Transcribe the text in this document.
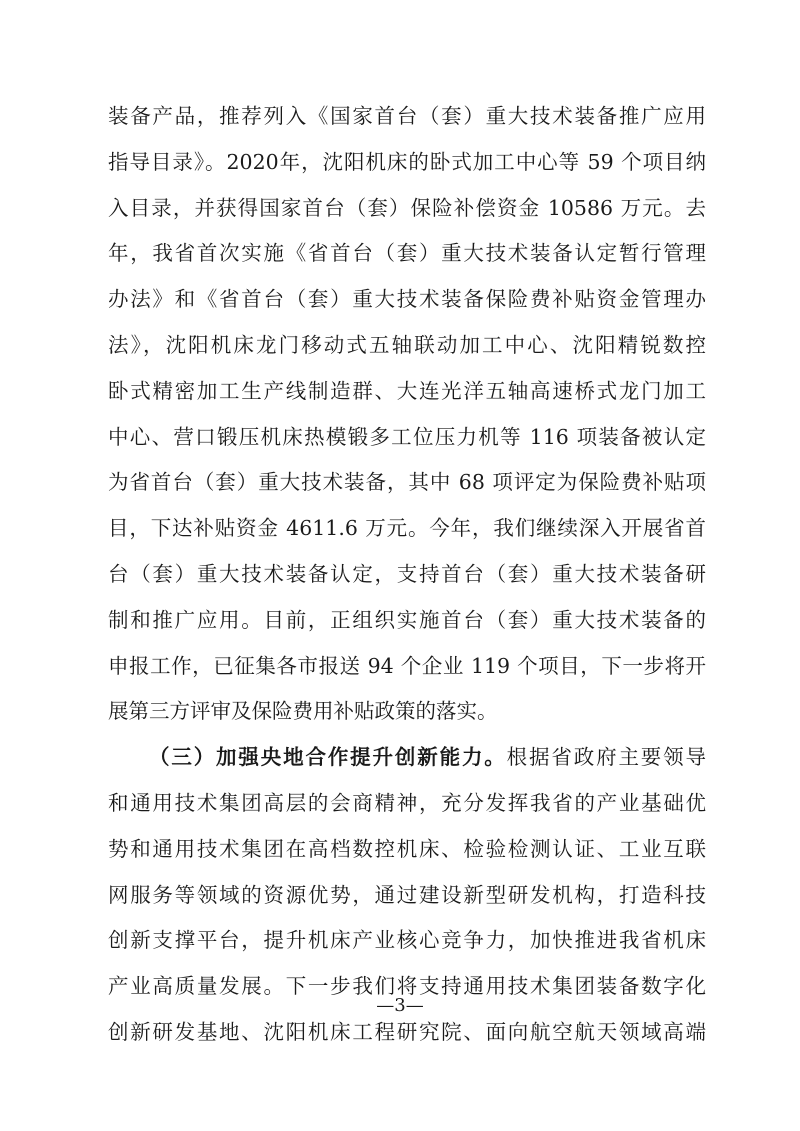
装备产品，推荐列入《国家首台（套）重大技术装备推广应用
指导目录》。2020年，沈阳机床的卧式加工中心等 59 个项目纳
入目录，并获得国家首台（套）保险补偿资金 10586 万元。去
年，我省首次实施《省首台（套）重大技术装备认定暂行管理
办法》和《省首台（套）重大技术装备保险费补贴资金管理办
法》，沈阳机床龙门移动式五轴联动加工中心、沈阳精锐数控
卧式精密加工生产线制造群、大连光洋五轴高速桥式龙门加工
中心、营口锻压机床热模锻多工位压力机等 116 项装备被认定
为省首台（套）重大技术装备，其中 68 项评定为保险费补贴项
目，下达补贴资金 4611.6 万元。今年，我们继续深入开展省首
台（套）重大技术装备认定，支持首台（套）重大技术装备研
制和推广应用。目前，正组织实施首台（套）重大技术装备的
申报工作，已征集各市报送 94 个企业 119 个项目，下一步将开
展第三方评审及保险费用补贴政策的落实。
（三）加强央地合作提升创新能力。根据省政府主要领导
和通用技术集团高层的会商精神，充分发挥我省的产业基础优
势和通用技术集团在高档数控机床、检验检测认证、工业互联
网服务等领域的资源优势，通过建设新型研发机构，打造科技
创新支撑平台，提升机床产业核心竞争力，加快推进我省机床
产业高质量发展。下一步我们将支持通用技术集团装备数字化
创新研发基地、沈阳机床工程研究院、面向航空航天领域高端
—3—
